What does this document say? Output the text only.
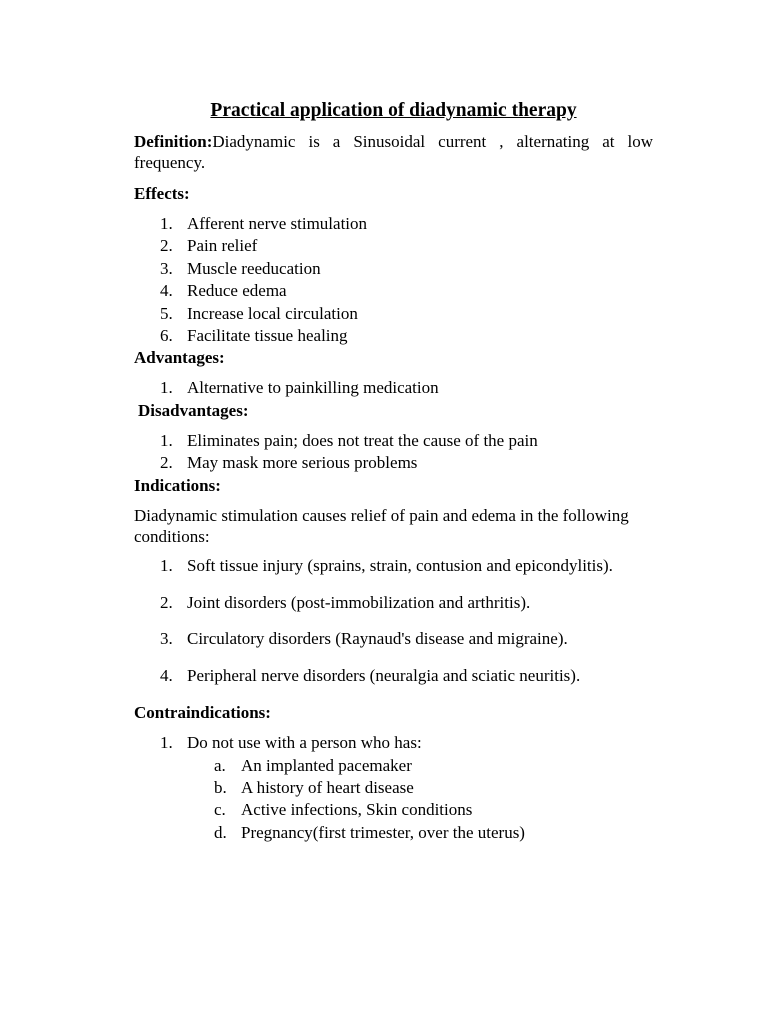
Practical application of diadynamic therapy
Definition:Diadynamic is a Sinusoidal current , alternating at low frequency.
Effects:
1. Afferent nerve stimulation
2. Pain relief
3. Muscle reeducation
4. Reduce edema
5. Increase local circulation
6. Facilitate tissue healing
Advantages:
1. Alternative to painkilling medication
Disadvantages:
1. Eliminates pain; does not treat the cause of the pain
2. May mask more serious problems
Indications:
Diadynamic stimulation causes relief of pain and edema in the following conditions:
1. Soft tissue injury (sprains, strain, contusion and epicondylitis).
2. Joint disorders (post-immobilization and arthritis).
3. Circulatory disorders (Raynaud's disease and migraine).
4. Peripheral nerve disorders (neuralgia and sciatic neuritis).
Contraindications:
1. Do not use with a person who has:
a. An implanted pacemaker
b. A history of heart disease
c. Active infections, Skin conditions
d. Pregnancy(first trimester, over the uterus)
